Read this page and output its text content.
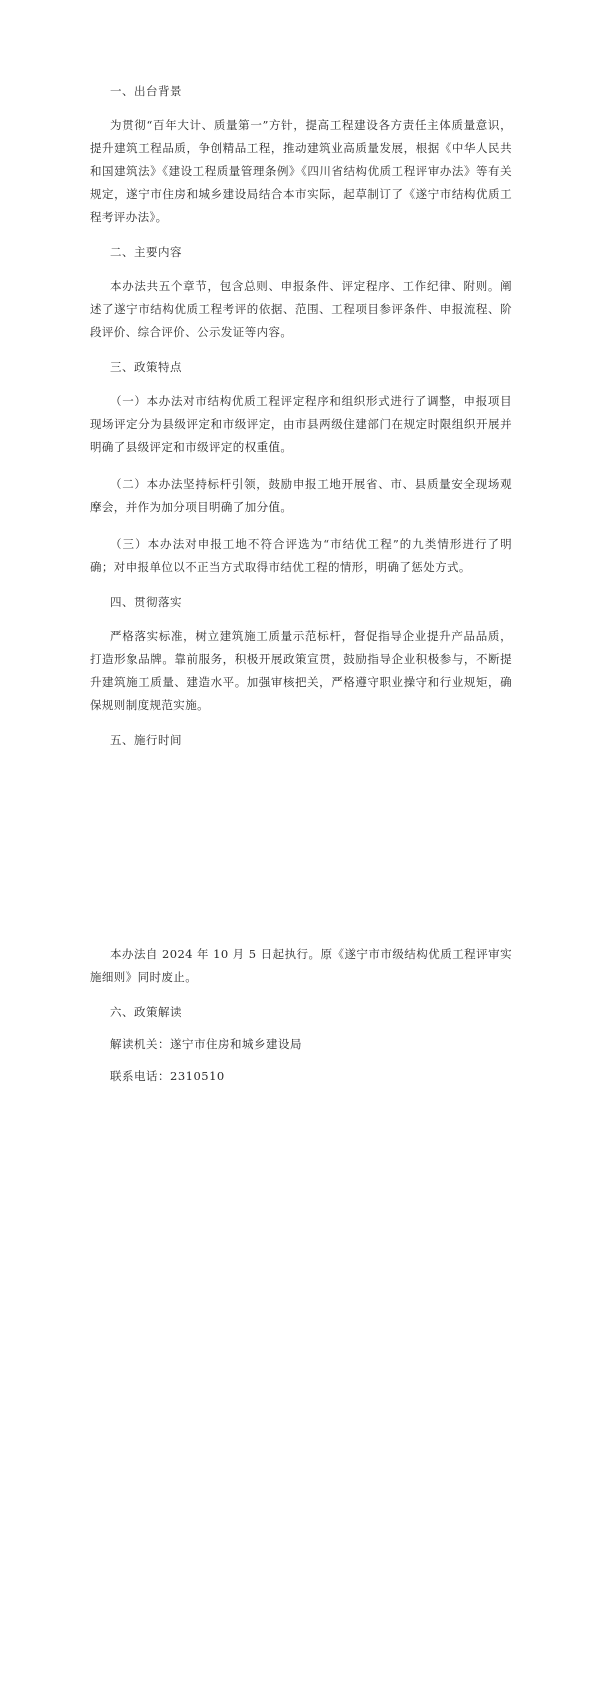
一、出台背景

为贯彻“百年大计、质量第一”方针，提高工程建设各方责任主体质量意识，提升建筑工程品质，争创精品工程，推动建筑业高质量发展，根据《中华人民共和国建筑法》《建设工程质量管理条例》《四川省结构优质工程评审办法》等有关规定，遂宁市住房和城乡建设局结合本市实际，起草制订了《遂宁市结构优质工程考评办法》。

二、主要内容

本办法共五个章节，包含总则、申报条件、评定程序、工作纪律、附则。阐述了遂宁市结构优质工程考评的依据、范围、工程项目参评条件、申报流程、阶段评价、综合评价、公示发证等内容。

三、政策特点

（一）本办法对市结构优质工程评定程序和组织形式进行了调整，申报项目现场评定分为县级评定和市级评定，由市县两级住建部门在规定时限组织开展并明确了县级评定和市级评定的权重值。

（二）本办法坚持标杆引领，鼓励申报工地开展省、市、县质量安全现场观摩会，并作为加分项目明确了加分值。

（三）本办法对申报工地不符合评选为“市结优工程”的九类情形进行了明确；对申报单位以不正当方式取得市结优工程的情形，明确了惩处方式。

四、贯彻落实

严格落实标准，树立建筑施工质量示范标杆，督促指导企业提升产品品质，打造形象品牌。靠前服务，积极开展政策宣贯，鼓励指导企业积极参与，不断提升建筑施工质量、建造水平。加强审核把关，严格遵守职业操守和行业规矩，确保规则制度规范实施。

五、施行时间

本办法自 2024 年 10 月 5 日起执行。原《遂宁市市级结构优质工程评审实施细则》同时废止。

六、政策解读
解读机关：遂宁市住房和城乡建设局
联系电话：2310510
